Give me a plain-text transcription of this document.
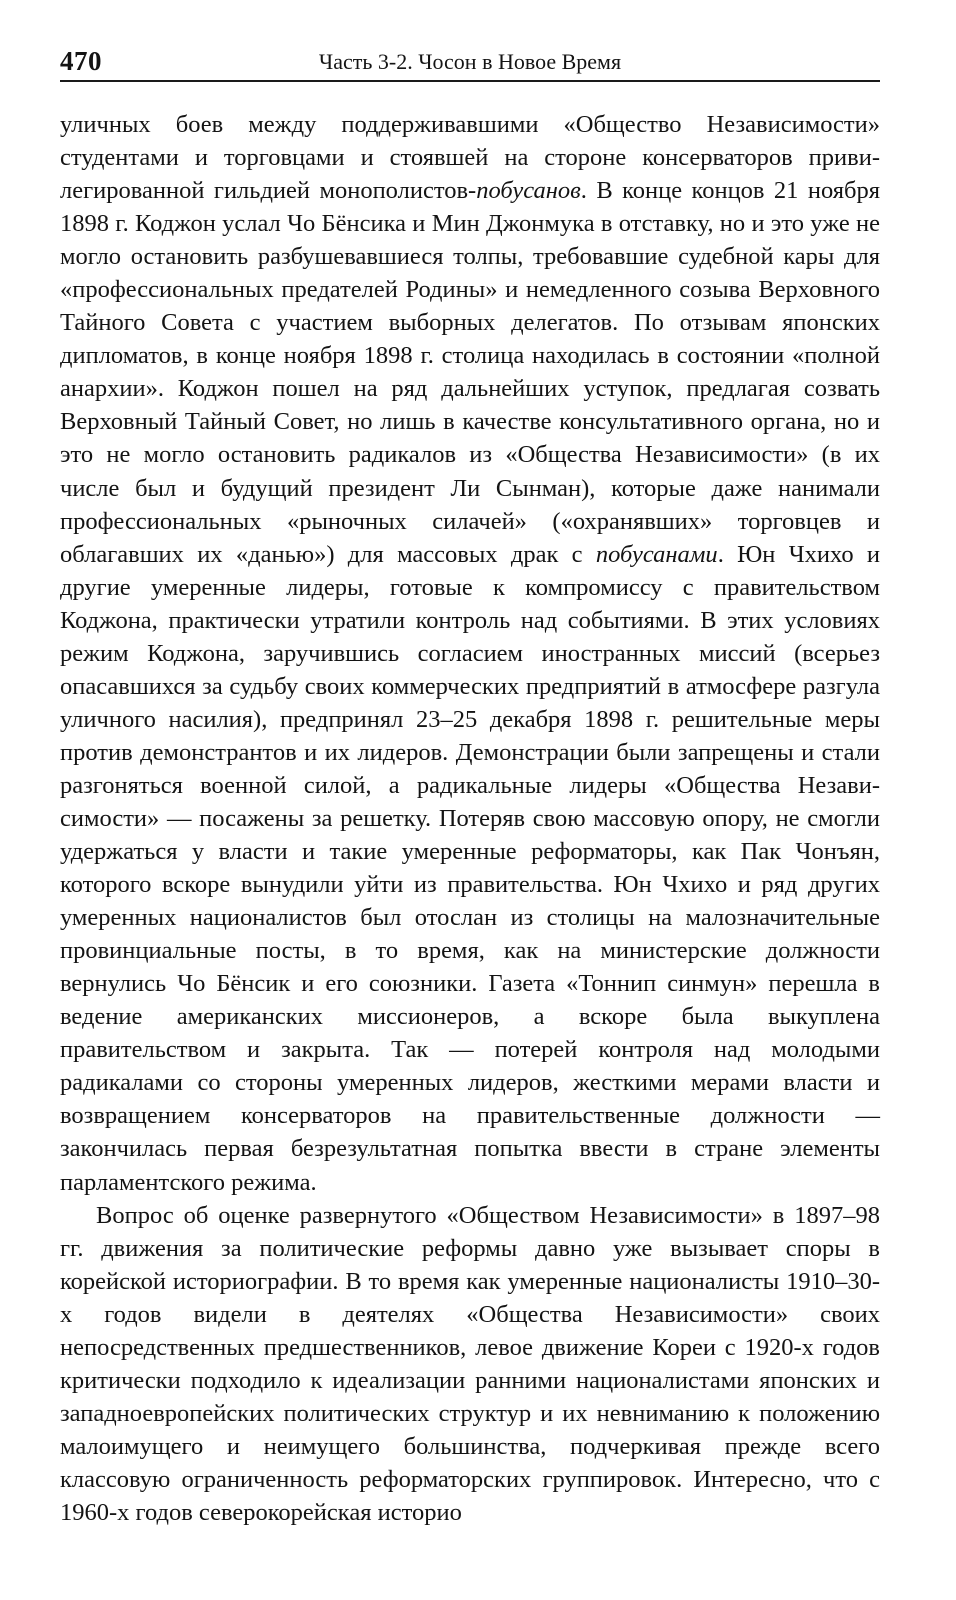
470	Часть 3-2. Чосон в Новое Время

уличных боев между поддерживавшими «Общество Независимости» студентами и торговцами и стоявшей на стороне консерваторов привилегированной гильдией монополистов-побусанов. В конце концов 21 ноября 1898 г. Коджон услал Чо Бёнсика и Мин Джонмука в отставку, но и это уже не могло остановить разбушевавшиеся толпы, требовавшие судебной кары для «профессиональных предателей Родины» и немедленного созыва Верховного Тайного Совета с участием выборных делегатов. По отзывам японских дипломатов, в конце ноября 1898 г. столица находилась в состоянии «полной анархии». Коджон пошел на ряд дальнейших уступок, предлагая созвать Верховный Тайный Совет, но лишь в качестве консультативного органа, но и это не могло остановить радикалов из «Общества Независимости» (в их числе был и будущий президент Ли Сынман), которые даже нанимали профессиональных «рыночных силачей» («охранявших» торговцев и облагавших их «данью») для массовых драк с побусанами. Юн Чхихо и другие умеренные лидеры, готовые к компромиссу с правительством Коджона, практически утратили контроль над событиями. В этих условиях режим Коджона, заручившись согласием иностранных миссий (всерьез опасавшихся за судьбу своих коммерческих предприятий в атмосфере разгула уличного насилия), предпринял 23–25 декабря 1898 г. решительные меры против демонстрантов и их лидеров. Демонстрации были запрещены и стали разгоняться военной силой, а радикальные лидеры «Общества Независимости» — посажены за решетку. Потеряв свою массовую опору, не смогли удержаться у власти и такие умеренные реформаторы, как Пак Чонъян, которого вскоре вынудили уйти из правительства. Юн Чхихо и ряд других умеренных националистов был отослан из столицы на малозначительные провинциальные посты, в то время, как на министерские должности вернулись Чо Бёнсик и его союзники. Газета «Тоннип синмун» перешла в ведение американских миссионеров, а вскоре была выкуплена правительством и закрыта. Так — потерей контроля над молодыми радикалами со стороны умеренных лидеров, жесткими мерами власти и возвращением консерваторов на правительственные должности — закончилась первая безрезультатная попытка ввести в стране элементы парламентского режима.

Вопрос об оценке развернутого «Обществом Независимости» в 1897–98 гг. движения за политические реформы давно уже вызывает споры в корейской историографии. В то время как умеренные националисты 1910–30-х годов видели в деятелях «Общества Независимости» своих непосредственных предшественников, левое движение Кореи с 1920-х годов критически подходило к идеализации ранними националистами японских и западноевропейских политических структур и их невниманию к положению малоимущего и неимущего большинства, подчеркивая прежде всего классовую ограниченность реформаторских группировок. Интересно, что с 1960-х годов северокорейская историо
